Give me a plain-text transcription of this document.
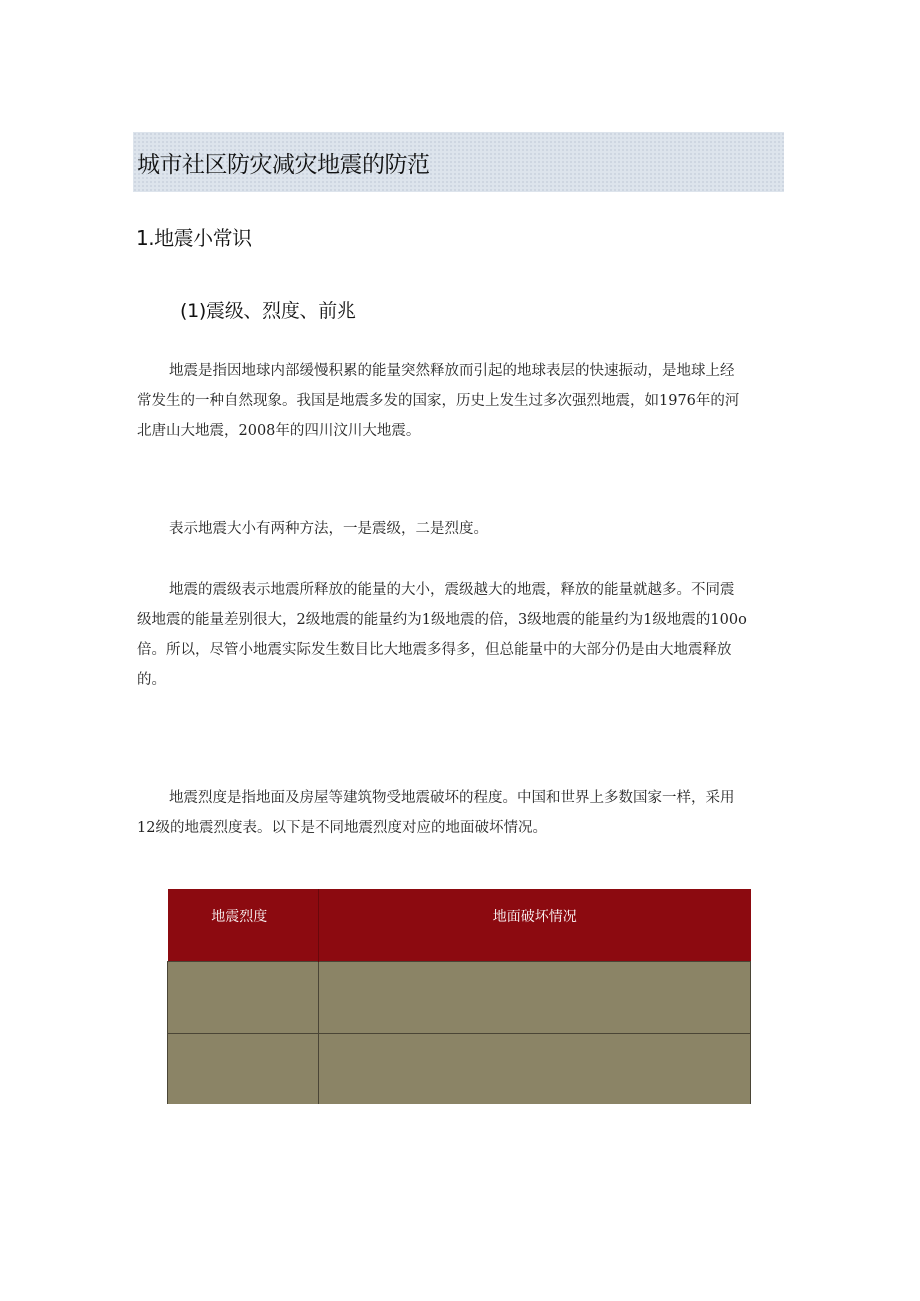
城市社区防灾减灾地震的防范
1.地震小常识
(1)震级、烈度、前兆

地震是指因地球内部缓慢积累的能量突然释放而引起的地球表层的快速振动，是地球上经
常发生的一种自然现象。我国是地震多发的国家，历史上发生过多次强烈地震，如1976年的河
北唐山大地震，2008年的四川汶川大地震。

表示地震大小有两种方法，一是震级，二是烈度。

地震的震级表示地震所释放的能量的大小，震级越大的地震，释放的能量就越多。不同震
级地震的能量差别很大，2级地震的能量约为1级地震的倍，3级地震的能量约为1级地震的100o
倍。所以，尽管小地震实际发生数目比大地震多得多，但总能量中的大部分仍是由大地震释放
的。

地震烈度是指地面及房屋等建筑物受地震破坏的程度。中国和世界上多数国家一样，采用
12级的地震烈度表。以下是不同地震烈度对应的地面破坏情况。

地震烈度	地面破坏情况
